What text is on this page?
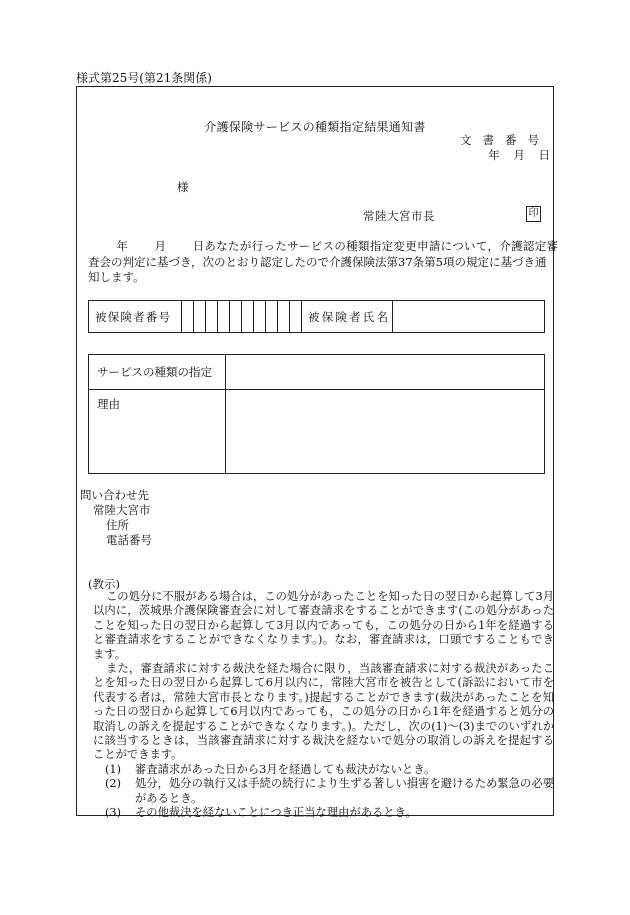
様式第25号(第21条関係)
介護保険サービスの種類指定結果通知書
文書番号
年 月 日
様
常陸大宮市長	印
年 月 日あなたが行ったサービスの種類指定変更申請について，介護認定審
査会の判定に基づき，次のとおり認定したので介護保険法第37条第5項の規定に基づき通
知します。
被保険者番号											被保険者氏名	
サービスの種類の指定	
理由	
問い合わせ先
常陸大宮市
住所
電話番号
(教示)

この処分に不服がある場合は，この処分があったことを知った日の翌日から起算して3月以内に，茨城県介護保険審査会に対して審査請求をすることができます(この処分があったことを知った日の翌日から起算して3月以内であっても，この処分の日から1年を経過すると審査請求をすることができなくなります。)。なお，審査請求は，口頭ですることもできます。

また，審査請求に対する裁決を経た場合に限り，当該審査請求に対する裁決があったことを知った日の翌日から起算して6月以内に，常陸大宮市を被告として(訴訟において市を代表する者は，常陸大宮市長となります。)提起することができます(裁決があったことを知った日の翌日から起算して6月以内であっても，この処分の日から1年を経過すると処分の取消しの訴えを提起することができなくなります。)。ただし，次の(1)～(3)までのいずれかに該当するときは，当該審査請求に対する裁決を経ないで処分の取消しの訴えを提起することができます。

(1)	審査請求があった日から3月を経過しても裁決がないとき。
(2)	処分，処分の執行又は手続の続行により生ずる著しい損害を避けるため緊急の必要があるとき。
(3)	その他裁決を経ないことにつき正当な理由があるとき。
